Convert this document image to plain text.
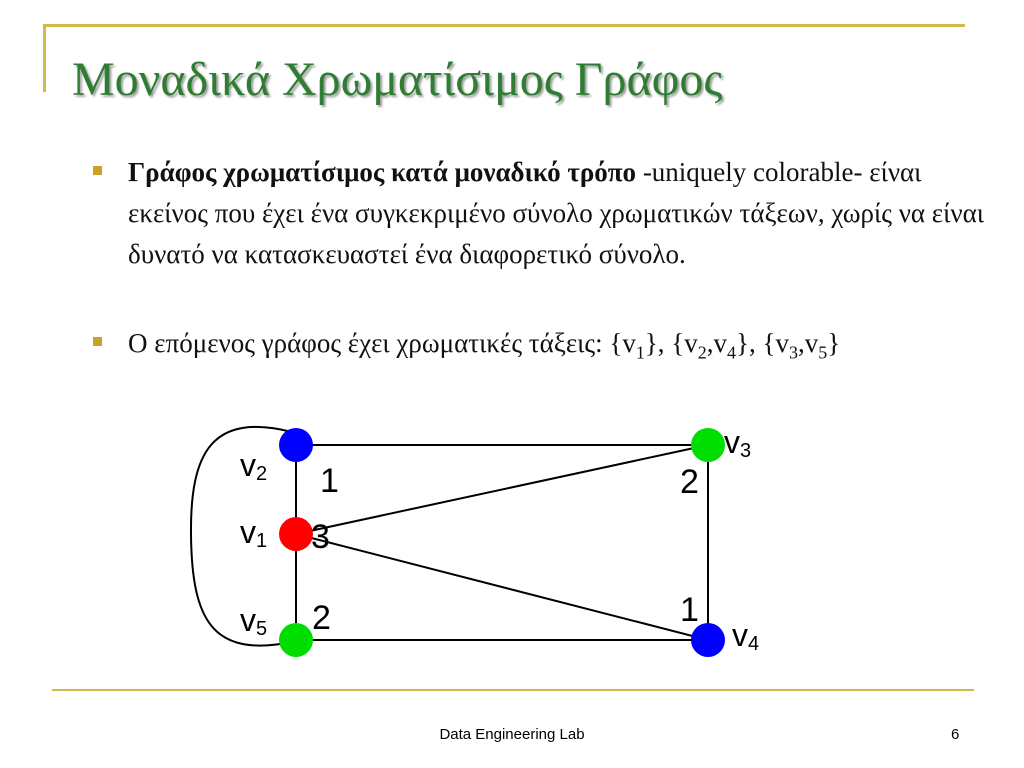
Μοναδικά Χρωματίσιμος Γράφος

Γράφος χρωματίσιμος κατά μοναδικό τρόπο -uniquely colorable- είναι εκείνος που έχει ένα συγκεκριμένο σύνολο χρωματικών τάξεων, χωρίς να είναι δυνατό να κατασκευαστεί ένα διαφορετικό σύνολο.

Ο επόμενος γράφος έχει χρωματικές τάξεις: $\{v_1\}$, $\{v_2,v_4\}$, $\{v_3,v_5\}$

v2
v1
v5
v3
v4
1
3
2
2
1
Data Engineering Lab	6
